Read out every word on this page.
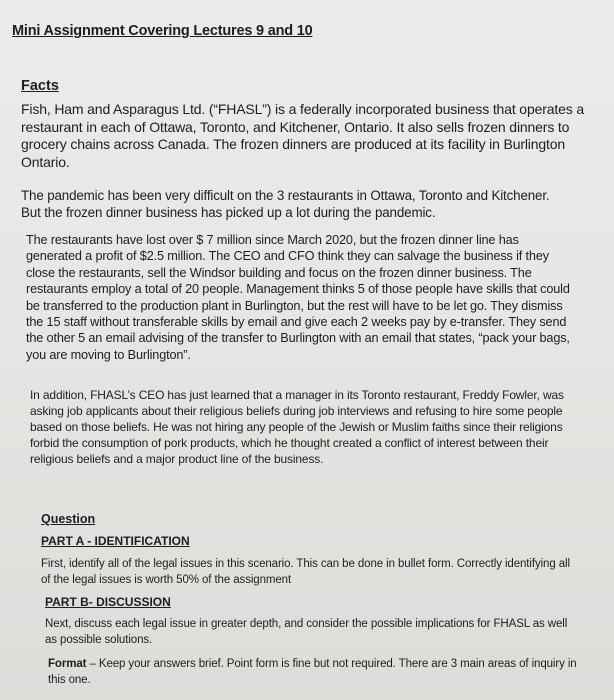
Mini Assignment Covering Lectures 9 and 10
Facts

Fish, Ham and Asparagus Ltd. (“FHASL”) is a federally incorporated business that operates a restaurant in each of Ottawa, Toronto, and Kitchener, Ontario. It also sells frozen dinners to grocery chains across Canada. The frozen dinners are produced at its facility in Burlington Ontario.

The pandemic has been very difficult on the 3 restaurants in Ottawa, Toronto and Kitchener. But the frozen dinner business has picked up a lot during the pandemic.

The restaurants have lost over $ 7 million since March 2020, but the frozen dinner line has generated a profit of $2.5 million. The CEO and CFO think they can salvage the business if they close the restaurants, sell the Windsor building and focus on the frozen dinner business. The restaurants employ a total of 20 people. Management thinks 5 of those people have skills that could be transferred to the production plant in Burlington, but the rest will have to be let go. They dismiss the 15 staff without transferable skills by email and give each 2 weeks pay by e-transfer. They send the other 5 an email advising of the transfer to Burlington with an email that states, “pack your bags, you are moving to Burlington”.

In addition, FHASL’s CEO has just learned that a manager in its Toronto restaurant, Freddy Fowler, was asking job applicants about their religious beliefs during job interviews and refusing to hire some people based on those beliefs. He was not hiring any people of the Jewish or Muslim faiths since their religions forbid the consumption of pork products, which he thought created a conflict of interest between their religious beliefs and a major product line of the business.

Question
PART A - IDENTIFICATION

First, identify all of the legal issues in this scenario. This can be done in bullet form. Correctly identifying all of the legal issues is worth 50% of the assignment

PART B- DISCUSSION

Next, discuss each legal issue in greater depth, and consider the possible implications for FHASL as well as possible solutions.

Format – Keep your answers brief. Point form is fine but not required. There are 3 main areas of inquiry in this one.
